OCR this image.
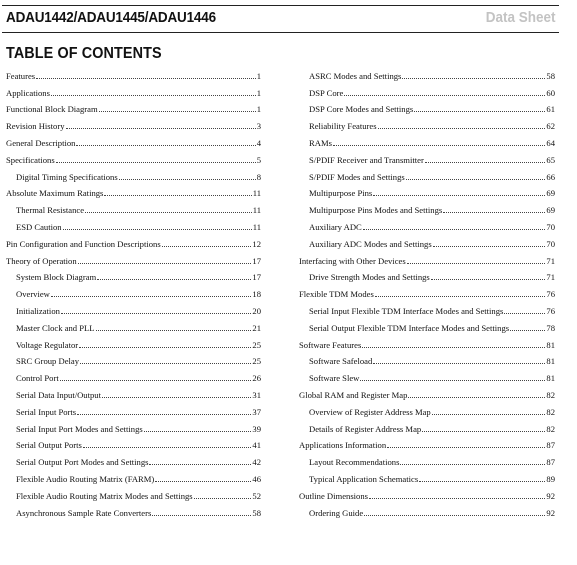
ADAU1442/ADAU1445/ADAU1446	Data Sheet
TABLE OF CONTENTS
Features	1
Applications	1
Functional Block Diagram	1
Revision History	3
General Description	4
Specifications	5
Digital Timing Specifications	8
Absolute Maximum Ratings	11
Thermal Resistance	11
ESD Caution	11
Pin Configuration and Function Descriptions	12
Theory of Operation	17
System Block Diagram	17
Overview	18
Initialization	20
Master Clock and PLL	21
Voltage Regulator	25
SRC Group Delay	25
Control Port	26
Serial Data Input/Output	31
Serial Input Ports	37
Serial Input Port Modes and Settings	39
Serial Output Ports	41
Serial Output Port Modes and Settings	42
Flexible Audio Routing Matrix (FARM)	46
Flexible Audio Routing Matrix Modes and Settings	52
Asynchronous Sample Rate Converters	58
ASRC Modes and Settings	58
DSP Core	60
DSP Core Modes and Settings	61
Reliability Features	62
RAMs	64
S/PDIF Receiver and Transmitter	65
S/PDIF Modes and Settings	66
Multipurpose Pins	69
Multipurpose Pins Modes and Settings	69
Auxiliary ADC	70
Auxiliary ADC Modes and Settings	70
Interfacing with Other Devices	71
Drive Strength Modes and Settings	71
Flexible TDM Modes	76
Serial Input Flexible TDM Interface Modes and Settings	76
Serial Output Flexible TDM Interface Modes and Settings	78
Software Features	81
Software Safeload	81
Software Slew	81
Global RAM and Register Map	82
Overview of Register Address Map	82
Details of Register Address Map	82
Applications Information	87
Layout Recommendations	87
Typical Application Schematics	89
Outline Dimensions	92
Ordering Guide	92
